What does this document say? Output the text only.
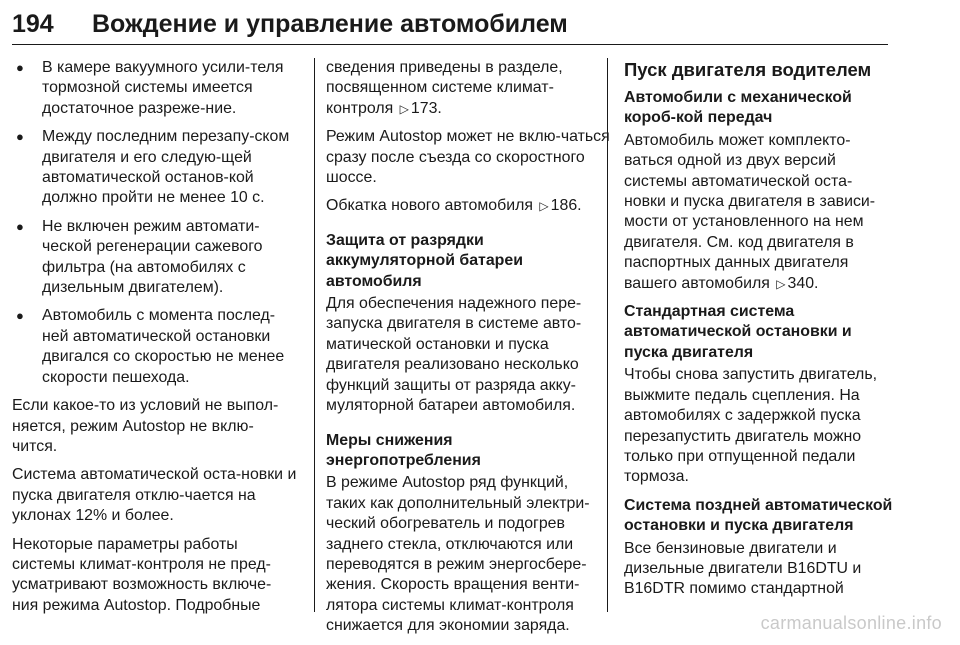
194	Вождение и управление автомобилем
● В камере вакуумного усили-теля тормозной системы имеется достаточное разреже-ние.
● Между последним перезапу-ском двигателя и его следую-щей автоматической останов-кой должно пройти не менее 10 с.
● Не включен режим автомати-ческой регенерации сажевого фильтра (на автомобилях с дизельным двигателем).
● Автомобиль с момента послед-ней автоматической остановки двигался со скоростью не менее скорости пешехода.

Если какое-то из условий не выпол-няется, режим Autostop не вклю-чится.

Система автоматической оста-новки и пуска двигателя отклю-чается на уклонах 12% и более.

Некоторые параметры работы системы климат-контроля не пред-усматривают возможность включе-ния режима Autostop. Подробные

сведения приведены в разделе, посвященном системе климат-контроля ▷ 173.

Режим Autostop может не вклю-чаться сразу после съезда со скоростного шоссе.

Обкатка нового автомобиля ▷ 186.

Защита от разрядки аккумуляторной батареи автомобиля

Для обеспечения надежного пере-запуска двигателя в системе авто-матической остановки и пуска двигателя реализовано несколько функций защиты от разряда акку-муляторной батареи автомобиля.

Меры снижения энергопотребления

В режиме Autostop ряд функций, таких как дополнительный электри-ческий обогреватель и подогрев заднего стекла, отключаются или переводятся в режим энергосбере-жения. Скорость вращения венти-лятора системы климат-контроля снижается для экономии заряда.

Пуск двигателя водителем
Автомобили с механической короб-кой передач

Автомобиль может комплекто-ваться одной из двух версий системы автоматической оста-новки и пуска двигателя в зависи-мости от установленного на нем двигателя. См. код двигателя в паспортных данных двигателя вашего автомобиля ▷ 340.

Стандартная система автоматической остановки и пуска двигателя

Чтобы снова запустить двигатель, выжмите педаль сцепления. На автомобилях с задержкой пуска перезапустить двигатель можно только при отпущенной педали тормоза.

Система поздней автоматической остановки и пуска двигателя

Все бензиновые двигатели и дизельные двигатели B16DTU и B16DTR помимо стандартной

carmanualsonline.info
